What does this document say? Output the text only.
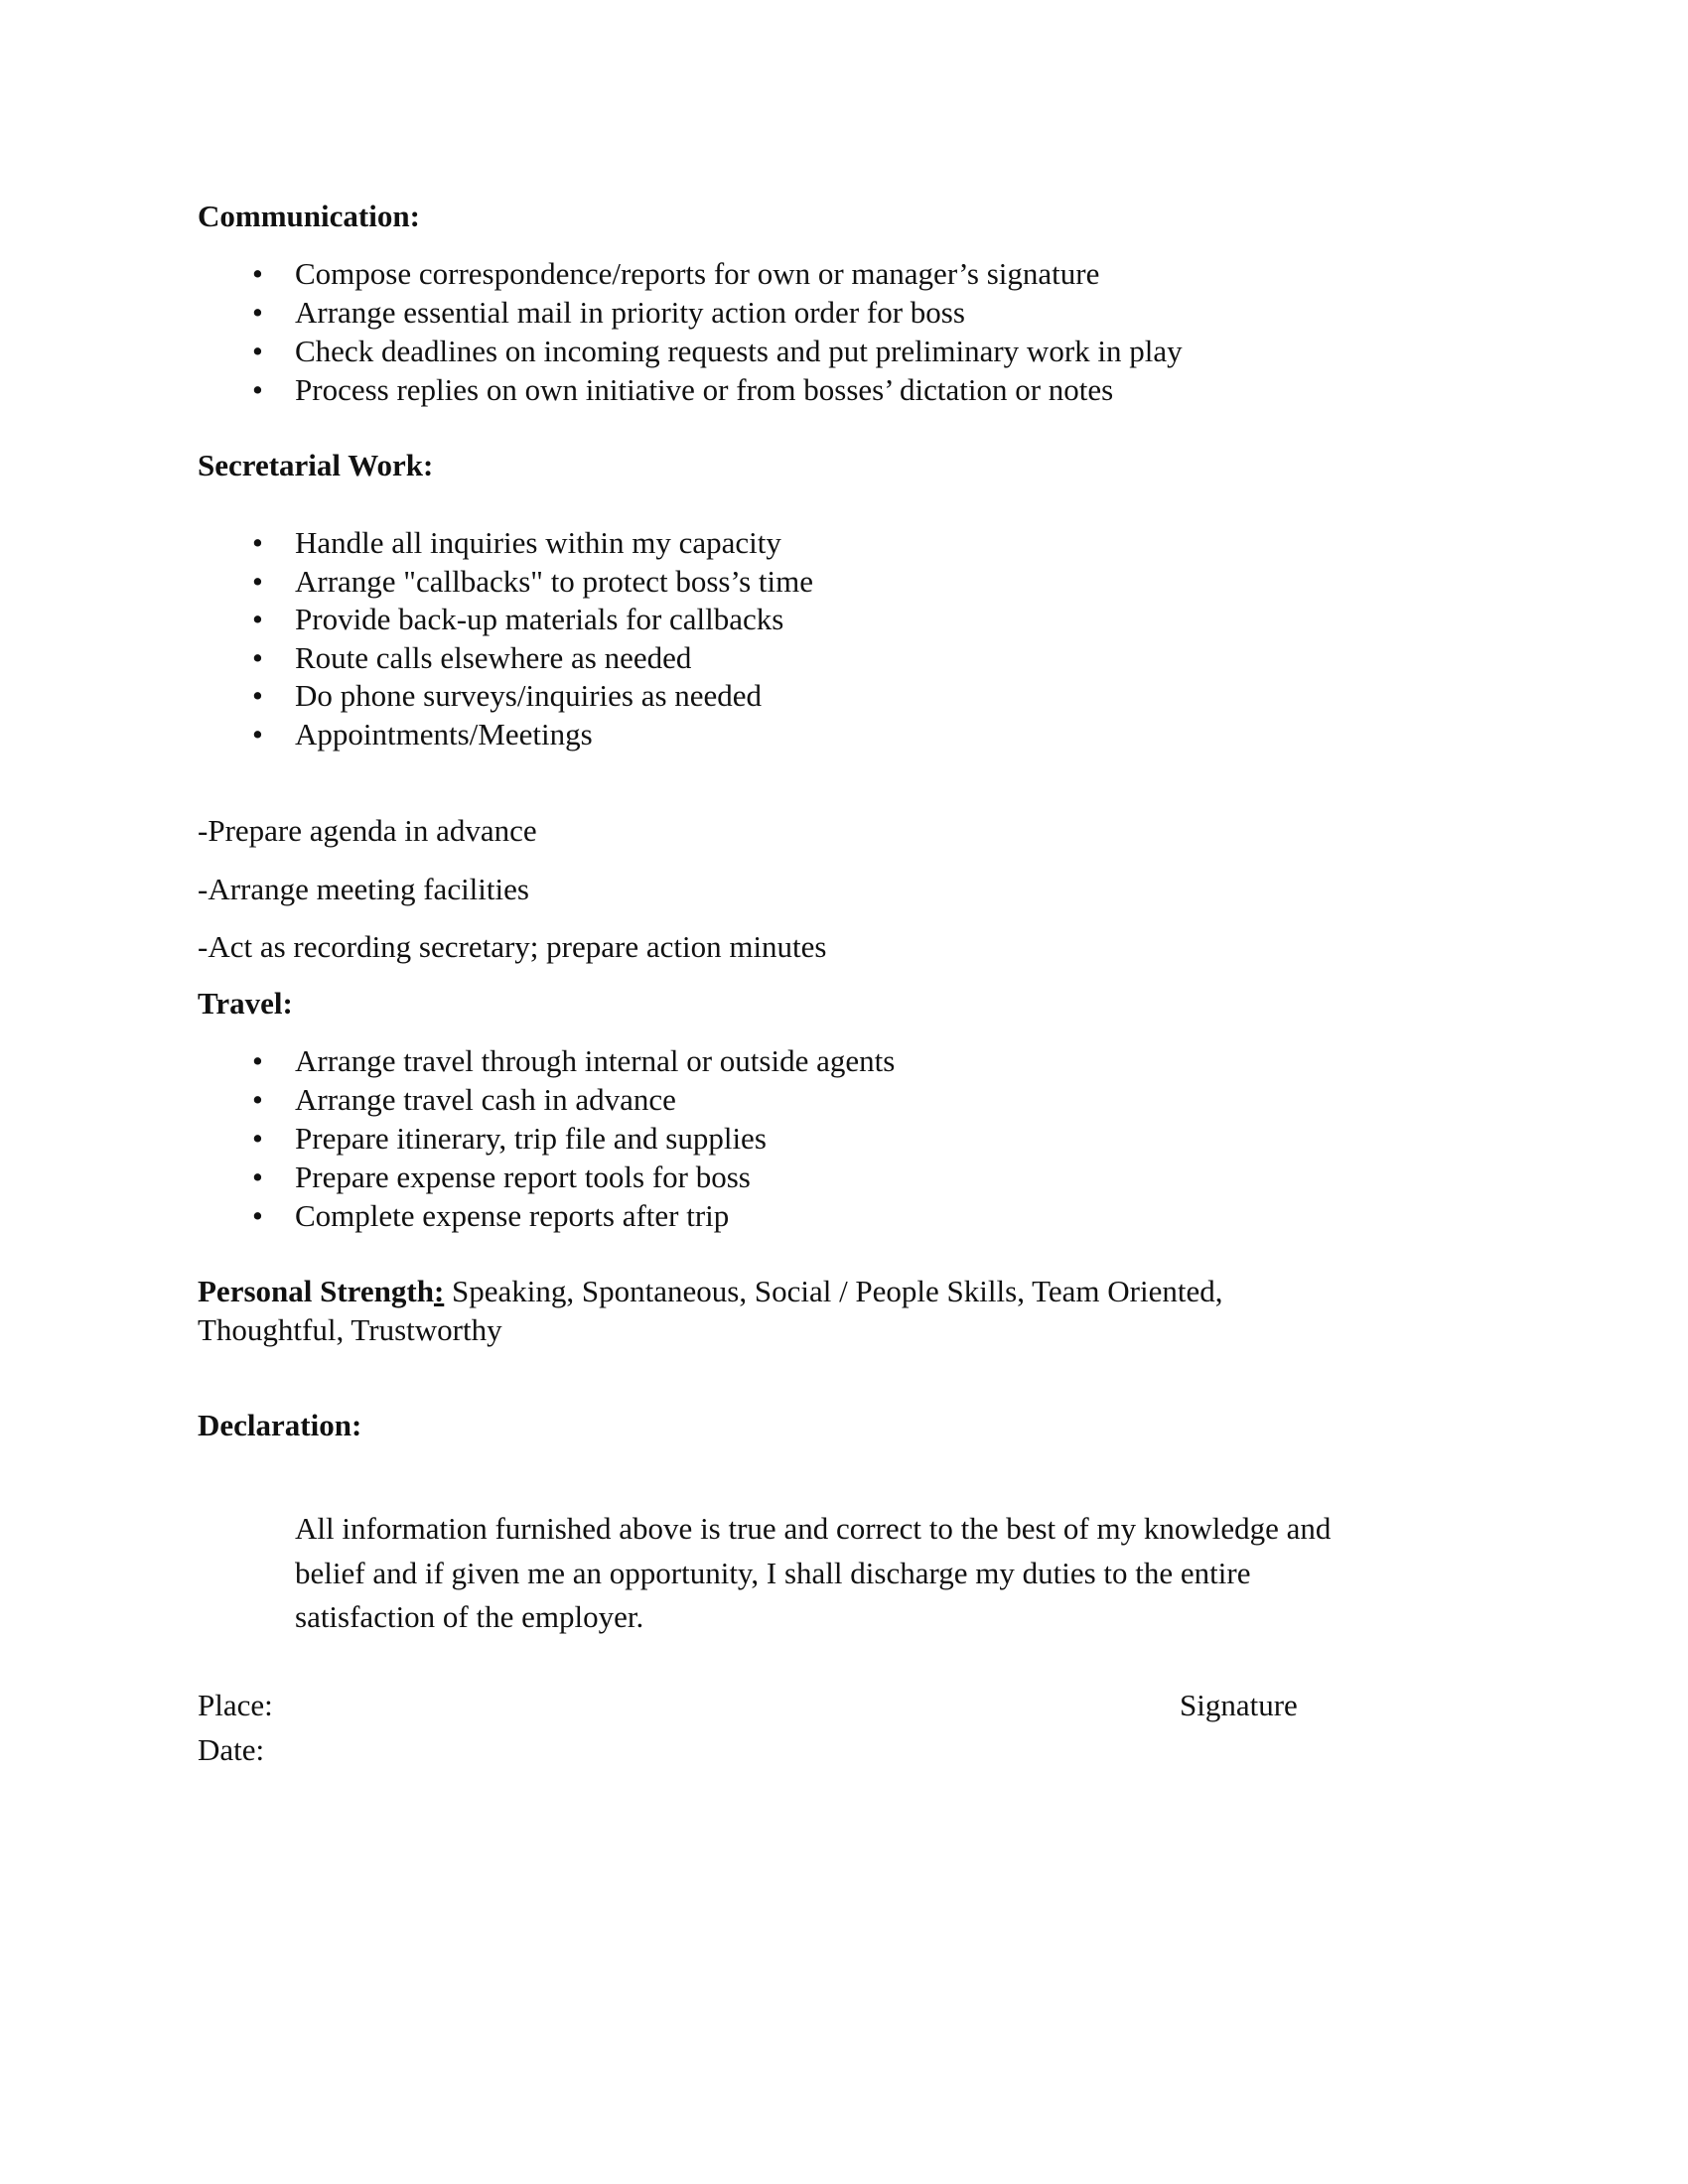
Communication:
•	Compose correspondence/reports for own or manager’s signature
•	Arrange essential mail in priority action order for boss
•	Check deadlines on incoming requests and put preliminary work in play
•	Process replies on own initiative or from bosses’ dictation or notes
Secretarial Work:
•	Handle all inquiries within my capacity
•	Arrange "callbacks" to protect boss’s time
•	Provide back-up materials for callbacks
•	Route calls elsewhere as needed
•	Do phone surveys/inquiries as needed
•	Appointments/Meetings
-Prepare agenda in advance
-Arrange meeting facilities
-Act as recording secretary; prepare action minutes
Travel:
•	Arrange travel through internal or outside agents
•	Arrange travel cash in advance
•	Prepare itinerary, trip file and supplies
•	Prepare expense report tools for boss
•	Complete expense reports after trip
Personal Strength: Speaking, Spontaneous, Social / People Skills, Team Oriented,
Thoughtful, Trustworthy
Declaration:
All information furnished above is true and correct to the best of my knowledge and
belief and if given me an opportunity, I shall discharge my duties to the entire
satisfaction of the employer.
Place:	Signature
Date:
